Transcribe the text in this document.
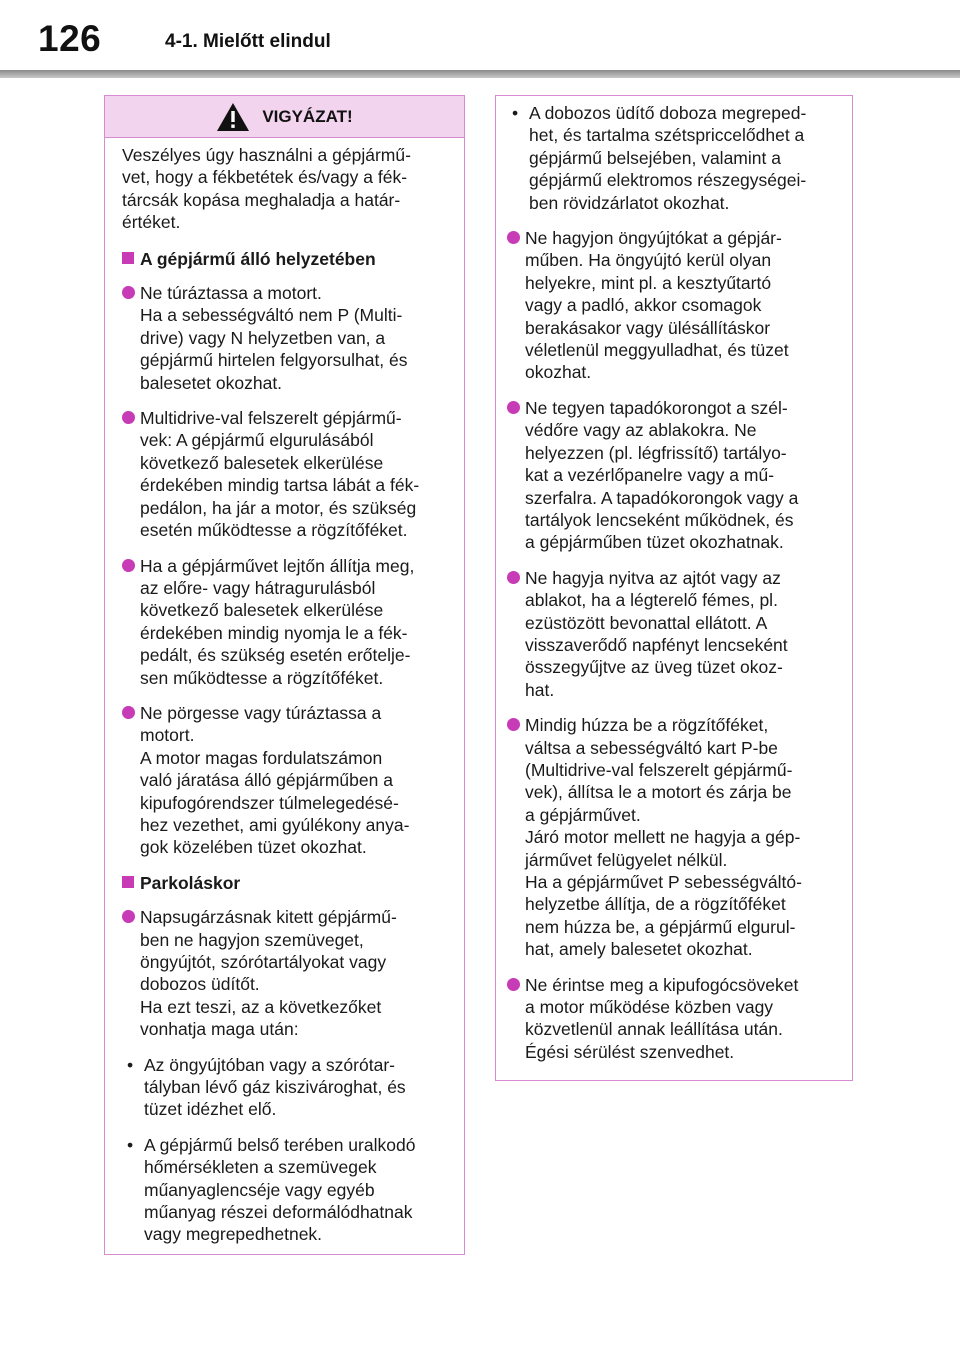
126	4-1. Mielőtt elindul
VIGYÁZAT!
Veszélyes úgy használni a gépjármű-
vet, hogy a fékbetétek és/vagy a fék-
tárcsák kopása meghaladja a határ-
értéket.
A gépjármű álló helyzetében
Ne túráztassa a motort.
Ha a sebességváltó nem P (Multi-
drive) vagy N helyzetben van, a
gépjármű hirtelen felgyorsulhat, és
balesetet okozhat.
Multidrive-val felszerelt gépjármű-
vek: A gépjármű elgurulásából
következő balesetek elkerülése
érdekében mindig tartsa lábát a fék-
pedálon, ha jár a motor, és szükség
esetén működtesse a rögzítőféket.
Ha a gépjárművet lejtőn állítja meg,
az előre- vagy hátragurulásból
következő balesetek elkerülése
érdekében mindig nyomja le a fék-
pedált, és szükség esetén erőtelje-
sen működtesse a rögzítőféket.
Ne pörgesse vagy túráztassa a
motort.
A motor magas fordulatszámon
való járatása álló gépjárműben a
kipufogórendszer túlmelegedésé-
hez vezethet, ami gyúlékony anya-
gok közelében tüzet okozhat.
Parkoláskor
Napsugárzásnak kitett gépjármű-
ben ne hagyjon szemüveget,
öngyújtót, szórótartályokat vagy
dobozos üdítőt.
Ha ezt teszi, az a következőket
vonhatja maga után:
• Az öngyújtóban vagy a szórótar-
tályban lévő gáz kiszivároghat, és
tüzet idézhet elő.
• A gépjármű belső terében uralkodó
hőmérsékleten a szemüvegek
műanyaglencséje vagy egyéb
műanyag részei deformálódhatnak
vagy megrepedhetnek.
• A dobozos üdítő doboza megreped-
het, és tartalma szétspriccelődhet a
gépjármű belsejében, valamint a
gépjármű elektromos részegységei-
ben rövidzárlatot okozhat.
Ne hagyjon öngyújtókat a gépjár-
műben. Ha öngyújtó kerül olyan
helyekre, mint pl. a kesztyűtartó
vagy a padló, akkor csomagok
berakásakor vagy ülésállításkor
véletlenül meggyulladhat, és tüzet
okozhat.
Ne tegyen tapadókorongot a szél-
védőre vagy az ablakokra. Ne
helyezzen (pl. légfrissítő) tartályo-
kat a vezérlőpanelre vagy a mű-
szerfalra. A tapadókorongok vagy a
tartályok lencseként működnek, és
a gépjárműben tüzet okozhatnak.
Ne hagyja nyitva az ajtót vagy az
ablakot, ha a légterelő fémes, pl.
ezüstözött bevonattal ellátott. A
visszaverődő napfényt lencseként
összegyűjtve az üveg tüzet okoz-
hat.
Mindig húzza be a rögzítőféket,
váltsa a sebességváltó kart P-be
(Multidrive-val felszerelt gépjármű-
vek), állítsa le a motort és zárja be
a gépjárművet.
Járó motor mellett ne hagyja a gép-
járművet felügyelet nélkül.
Ha a gépjárművet P sebességváltó-
helyzetbe állítja, de a rögzítőféket
nem húzza be, a gépjármű elgurul-
hat, amely balesetet okozhat.
Ne érintse meg a kipufogócsöveket
a motor működése közben vagy
közvetlenül annak leállítása után.
Égési sérülést szenvedhet.
